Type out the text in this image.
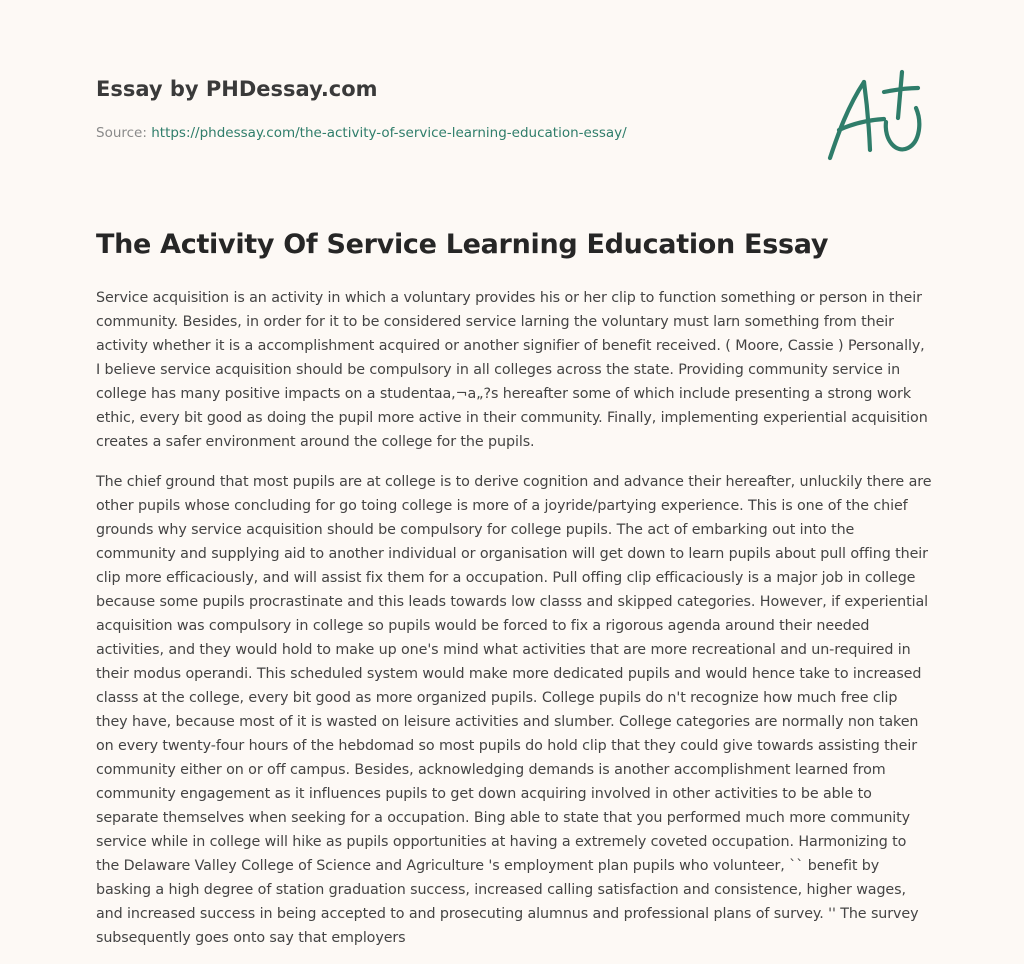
Essay by PHDessay.com
Source: https://phdessay.com/the-activity-of-service-learning-education-essay/
The Activity Of Service Learning Education Essay

Service acquisition is an activity in which a voluntary provides his or her clip to function something or person in their community. Besides, in order for it to be considered service larning the voluntary must larn something from their activity whether it is a accomplishment acquired or another signifier of benefit received. ( Moore, Cassie ) Personally, I believe service acquisition should be compulsory in all colleges across the state. Providing community service in college has many positive impacts on a studentaa,¬a„?s hereafter some of which include presenting a strong work ethic, every bit good as doing the pupil more active in their community. Finally, implementing experiential acquisition creates a safer environment around the college for the pupils.

The chief ground that most pupils are at college is to derive cognition and advance their hereafter, unluckily there are other pupils whose concluding for go toing college is more of a joyride/partying experience. This is one of the chief grounds why service acquisition should be compulsory for college pupils. The act of embarking out into the community and supplying aid to another individual or organisation will get down to learn pupils about pull offing their clip more efficaciously, and will assist fix them for a occupation. Pull offing clip efficaciously is a major job in college because some pupils procrastinate and this leads towards low classs and skipped categories. However, if experiential acquisition was compulsory in college so pupils would be forced to fix a rigorous agenda around their needed activities, and they would hold to make up one's mind what activities that are more recreational and un-required in their modus operandi. This scheduled system would make more dedicated pupils and would hence take to increased classs at the college, every bit good as more organized pupils. College pupils do n't recognize how much free clip they have, because most of it is wasted on leisure activities and slumber. College categories are normally non taken on every twenty-four hours of the hebdomad so most pupils do hold clip that they could give towards assisting their community either on or off campus. Besides, acknowledging demands is another accomplishment learned from community engagement as it influences pupils to get down acquiring involved in other activities to be able to separate themselves when seeking for a occupation. Bing able to state that you performed much more community service while in college will hike as pupils opportunities at having a extremely coveted occupation. Harmonizing to the Delaware Valley College of Science and Agriculture 's employment plan pupils who volunteer, `` benefit by basking a high degree of station graduation success, increased calling satisfaction and consistence, higher wages, and increased success in being accepted to and prosecuting alumnus and professional plans of survey. '' The survey subsequently goes onto say that employers
